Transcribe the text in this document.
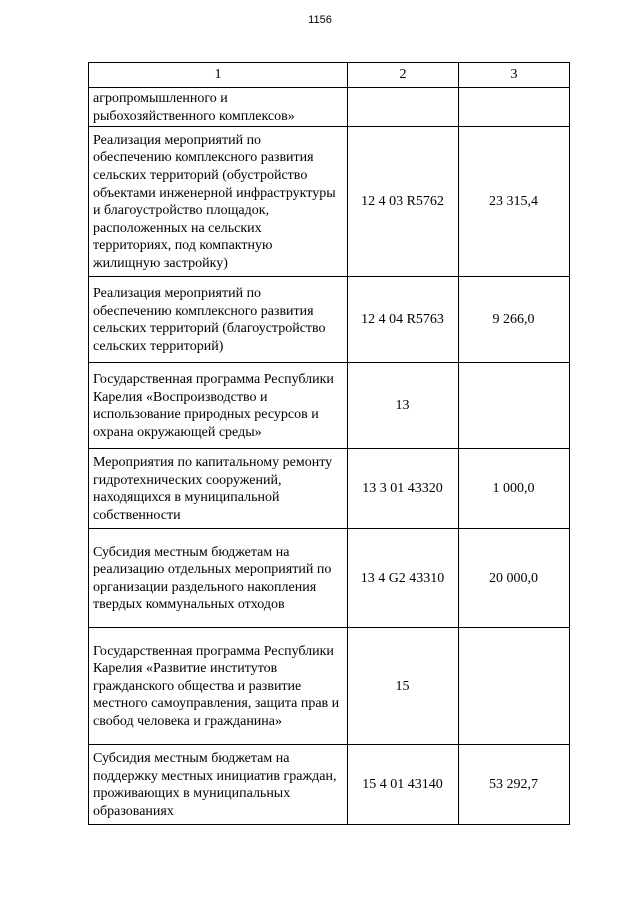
1156
1	2	3
агропромышленного и рыбохозяйственного комплексов»		
Реализация мероприятий по обеспечению комплексного развития сельских территорий (обустройство объектами инженерной инфраструктуры и благоустройство площадок, расположенных на сельских территориях, под компактную жилищную застройку)	12 4 03 R5762	23 315,4
Реализация мероприятий по обеспечению комплексного развития сельских территорий (благоустройство сельских территорий)	12 4 04 R5763	9 266,0
Государственная программа Республики Карелия «Воспроизводство и использование природных ресурсов и охрана окружающей среды»	13	
Мероприятия по капитальному ремонту гидротехнических сооружений, находящихся в муниципальной собственности	13 3 01 43320	1 000,0
Субсидия местным бюджетам на реализацию отдельных мероприятий по организации раздельного накопления твердых коммунальных отходов	13 4 G2 43310	20 000,0
Государственная программа Республики Карелия «Развитие институтов гражданского общества и развитие местного самоуправления, защита прав и свобод человека и гражданина»	15	
Субсидия местным бюджетам на поддержку местных инициатив граждан, проживающих в муниципальных образованиях	15 4 01 43140	53 292,7
